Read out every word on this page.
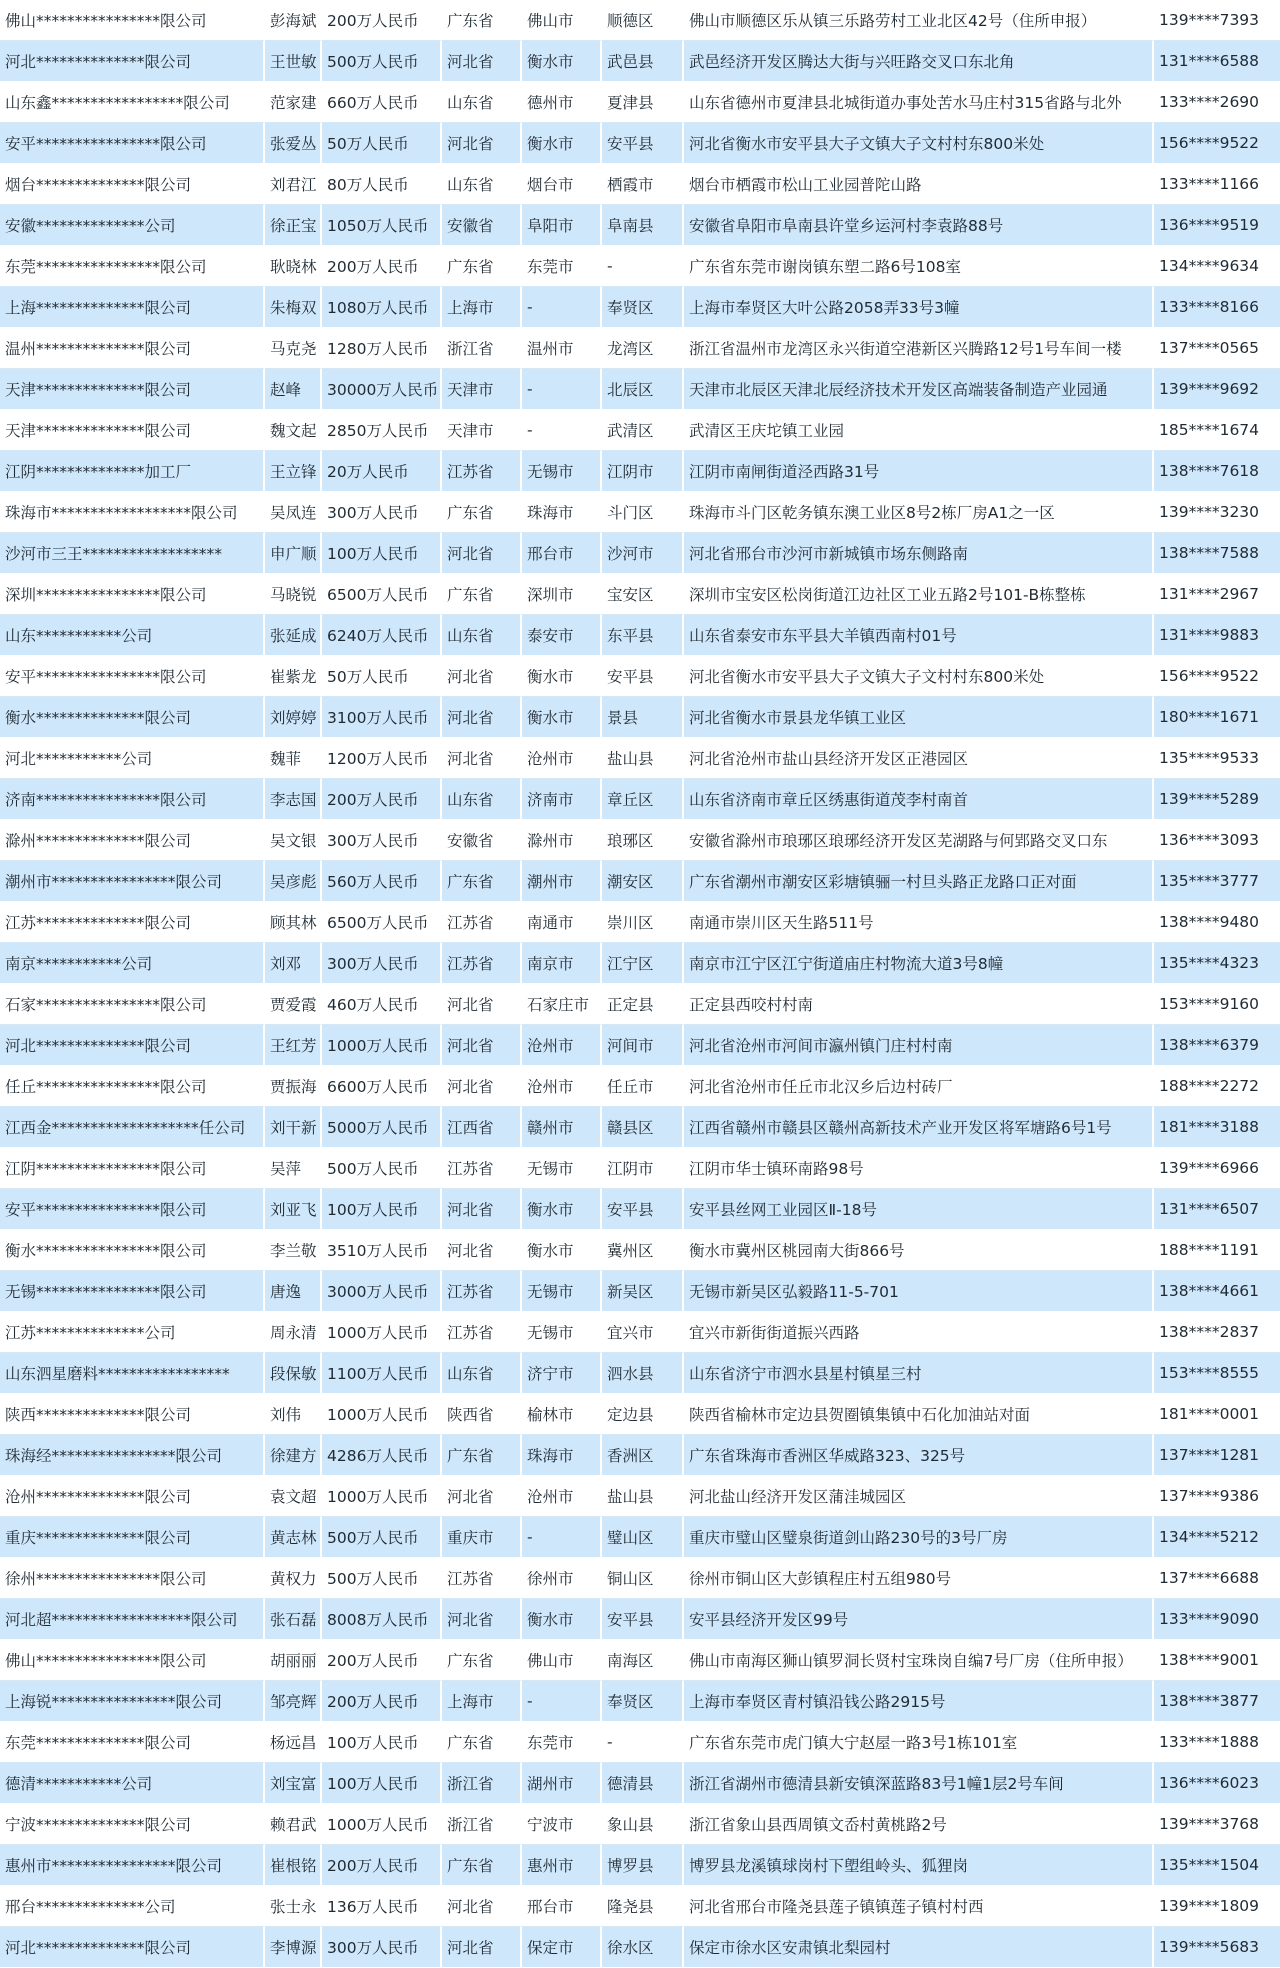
佛山****************限公司	彭海斌	200万人民币	广东省	佛山市	顺德区	佛山市顺德区乐从镇三乐路劳村工业北区42号（住所申报）	139****7393
河北**************限公司	王世敏	500万人民币	河北省	衡水市	武邑县	武邑经济开发区腾达大街与兴旺路交叉口东北角	131****6588
山东鑫*****************限公司	范家建	660万人民币	山东省	德州市	夏津县	山东省德州市夏津县北城街道办事处苦水马庄村315省路与北外	133****2690
安平****************限公司	张爱丛	50万人民币	河北省	衡水市	安平县	河北省衡水市安平县大子文镇大子文村村东800米处	156****9522
烟台**************限公司	刘君江	80万人民币	山东省	烟台市	栖霞市	烟台市栖霞市松山工业园普陀山路	133****1166
安徽**************公司	徐正宝	1050万人民币	安徽省	阜阳市	阜南县	安徽省阜阳市阜南县许堂乡运河村李袁路88号	136****9519
东莞****************限公司	耿晓林	200万人民币	广东省	东莞市	-	广东省东莞市谢岗镇东塑二路6号108室	134****9634
上海**************限公司	朱梅双	1080万人民币	上海市	-	奉贤区	上海市奉贤区大叶公路2058弄33号3幢	133****8166
温州**************限公司	马克尧	1280万人民币	浙江省	温州市	龙湾区	浙江省温州市龙湾区永兴街道空港新区兴腾路12号1号车间一楼	137****0565
天津**************限公司	赵峰	30000万人民币	天津市	-	北辰区	天津市北辰区天津北辰经济技术开发区高端装备制造产业园通	139****9692
天津**************限公司	魏文起	2850万人民币	天津市	-	武清区	武清区王庆坨镇工业园	185****1674
江阴**************加工厂	王立锋	20万人民币	江苏省	无锡市	江阴市	江阴市南闸街道泾西路31号	138****7618
珠海市******************限公司	吴凤连	300万人民币	广东省	珠海市	斗门区	珠海市斗门区乾务镇东澳工业区8号2栋厂房A1之一区	139****3230
沙河市三王******************	申广顺	100万人民币	河北省	邢台市	沙河市	河北省邢台市沙河市新城镇市场东侧路南	138****7588
深圳****************限公司	马晓锐	6500万人民币	广东省	深圳市	宝安区	深圳市宝安区松岗街道江边社区工业五路2号101-B栋整栋	131****2967
山东***********公司	张延成	6240万人民币	山东省	泰安市	东平县	山东省泰安市东平县大羊镇西南村01号	131****9883
安平****************限公司	崔紫龙	50万人民币	河北省	衡水市	安平县	河北省衡水市安平县大子文镇大子文村村东800米处	156****9522
衡水**************限公司	刘婷婷	3100万人民币	河北省	衡水市	景县	河北省衡水市景县龙华镇工业区	180****1671
河北***********公司	魏菲	1200万人民币	河北省	沧州市	盐山县	河北省沧州市盐山县经济开发区正港园区	135****9533
济南****************限公司	李志国	200万人民币	山东省	济南市	章丘区	山东省济南市章丘区绣惠街道茂李村南首	139****5289
滁州**************限公司	吴文银	300万人民币	安徽省	滁州市	琅琊区	安徽省滁州市琅琊区琅琊经济开发区芜湖路与何郢路交叉口东	136****3093
潮州市****************限公司	吴彦彪	560万人民币	广东省	潮州市	潮安区	广东省潮州市潮安区彩塘镇骊一村旦头路正龙路口正对面	135****3777
江苏**************限公司	顾其林	6500万人民币	江苏省	南通市	崇川区	南通市崇川区天生路511号	138****9480
南京***********公司	刘邓	300万人民币	江苏省	南京市	江宁区	南京市江宁区江宁街道庙庄村物流大道3号8幢	135****4323
石家****************限公司	贾爱霞	460万人民币	河北省	石家庄市	正定县	正定县西咬村村南	153****9160
河北**************限公司	王红芳	1000万人民币	河北省	沧州市	河间市	河北省沧州市河间市瀛州镇门庄村村南	138****6379
任丘****************限公司	贾振海	6600万人民币	河北省	沧州市	任丘市	河北省沧州市任丘市北汉乡后边村砖厂	188****2272
江西金*******************任公司	刘干新	5000万人民币	江西省	赣州市	赣县区	江西省赣州市赣县区赣州高新技术产业开发区将军塘路6号1号	181****3188
江阴****************限公司	吴萍	500万人民币	江苏省	无锡市	江阴市	江阴市华士镇环南路98号	139****6966
安平****************限公司	刘亚飞	100万人民币	河北省	衡水市	安平县	安平县丝网工业园区Ⅱ-18号	131****6507
衡水****************限公司	李兰敬	3510万人民币	河北省	衡水市	冀州区	衡水市冀州区桃园南大街866号	188****1191
无锡****************限公司	唐逸	3000万人民币	江苏省	无锡市	新吴区	无锡市新吴区弘毅路11-5-701	138****4661
江苏**************公司	周永清	1000万人民币	江苏省	无锡市	宜兴市	宜兴市新街街道振兴西路	138****2837
山东泗星磨料*****************	段保敏	1100万人民币	山东省	济宁市	泗水县	山东省济宁市泗水县星村镇星三村	153****8555
陕西**************限公司	刘伟	1000万人民币	陕西省	榆林市	定边县	陕西省榆林市定边县贺圈镇集镇中石化加油站对面	181****0001
珠海经****************限公司	徐建方	4286万人民币	广东省	珠海市	香洲区	广东省珠海市香洲区华威路323、325号	137****1281
沧州**************限公司	袁文超	1000万人民币	河北省	沧州市	盐山县	河北盐山经济开发区蒲洼城园区	137****9386
重庆**************限公司	黄志林	500万人民币	重庆市	-	璧山区	重庆市璧山区璧泉街道剑山路230号的3号厂房	134****5212
徐州****************限公司	黄权力	500万人民币	江苏省	徐州市	铜山区	徐州市铜山区大彭镇程庄村五组980号	137****6688
河北超******************限公司	张石磊	8008万人民币	河北省	衡水市	安平县	安平县经济开发区99号	133****9090
佛山****************限公司	胡丽丽	200万人民币	广东省	佛山市	南海区	佛山市南海区狮山镇罗洞长贤村宝珠岗自编7号厂房（住所申报）	138****9001
上海锐****************限公司	邹亮辉	200万人民币	上海市	-	奉贤区	上海市奉贤区青村镇沿钱公路2915号	138****3877
东莞**************限公司	杨远昌	100万人民币	广东省	东莞市	-	广东省东莞市虎门镇大宁赵屋一路3号1栋101室	133****1888
德清***********公司	刘宝富	100万人民币	浙江省	湖州市	德清县	浙江省湖州市德清县新安镇深蓝路83号1幢1层2号车间	136****6023
宁波**************限公司	赖君武	1000万人民币	浙江省	宁波市	象山县	浙江省象山县西周镇文岙村黄桃路2号	139****3768
惠州市****************限公司	崔根铭	200万人民币	广东省	惠州市	博罗县	博罗县龙溪镇球岗村下塱组岭头、狐狸岗	135****1504
邢台**************公司	张士永	136万人民币	河北省	邢台市	隆尧县	河北省邢台市隆尧县莲子镇镇莲子镇村村西	139****1809
河北**************限公司	李博源	300万人民币	河北省	保定市	徐水区	保定市徐水区安肃镇北梨园村	139****5683
